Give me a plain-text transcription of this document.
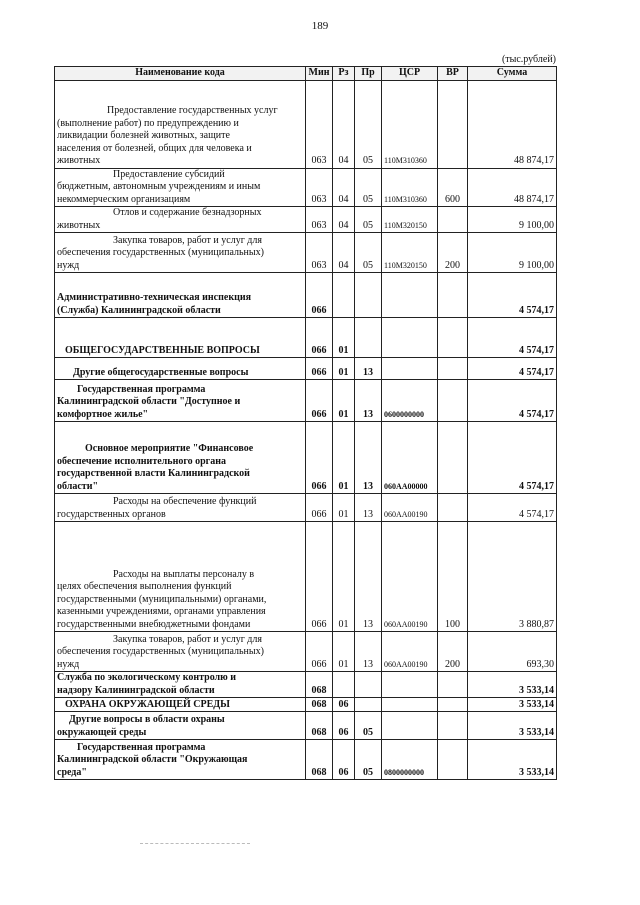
189
(тыс.рублей)
Наименование кода	Мин	Рз	Пр	ЦСР	ВР	Сумма
Предоставление государственных услуг
(выполнение работ) по предупреждению и
ликвидации болезней животных, защите
населения от болезней, общих для человека и
животных	063	04	05	110М310360		48 874,17
Предоставление субсидий
бюджетным, автономным учреждениям и иным
некоммерческим организациям	063	04	05	110М310360	600	48 874,17
Отлов и содержание безнадзорных
животных	063	04	05	110М320150		9 100,00
Закупка товаров, работ и услуг для
обеспечения государственных (муниципальных)
нужд	063	04	05	110М320150	200	9 100,00
Административно-техническая инспекция
(Служба) Калининградской области	066					4 574,17
ОБЩЕГОСУДАРСТВЕННЫЕ ВОПРОСЫ	066	01				4 574,17
Другие общегосударственные вопросы	066	01	13			4 574,17
Государственная программа
Калининградской области "Доступное и
комфортное жилье"	066	01	13	0600000000		4 574,17
Основное мероприятие "Финансовое
обеспечение исполнительного органа
государственной власти Калининградской
области"	066	01	13	060АА00000		4 574,17
Расходы на обеспечение функций
государственных органов	066	01	13	060АА00190		4 574,17
Расходы на выплаты персоналу в
целях обеспечения выполнения функций
государственными (муниципальными) органами,
казенными учреждениями, органами управления
государственными внебюджетными фондами	066	01	13	060АА00190	100	3 880,87
Закупка товаров, работ и услуг для
обеспечения государственных (муниципальных)
нужд	066	01	13	060АА00190	200	693,30
Служба по экологическому контролю и
надзору Калининградской области	068					3 533,14
ОХРАНА ОКРУЖАЮЩЕЙ СРЕДЫ	068	06				3 533,14
Другие вопросы в области охраны
окружающей среды	068	06	05			3 533,14
Государственная программа
Калининградской области "Окружающая
среда"	068	06	05	0800000000		3 533,14
